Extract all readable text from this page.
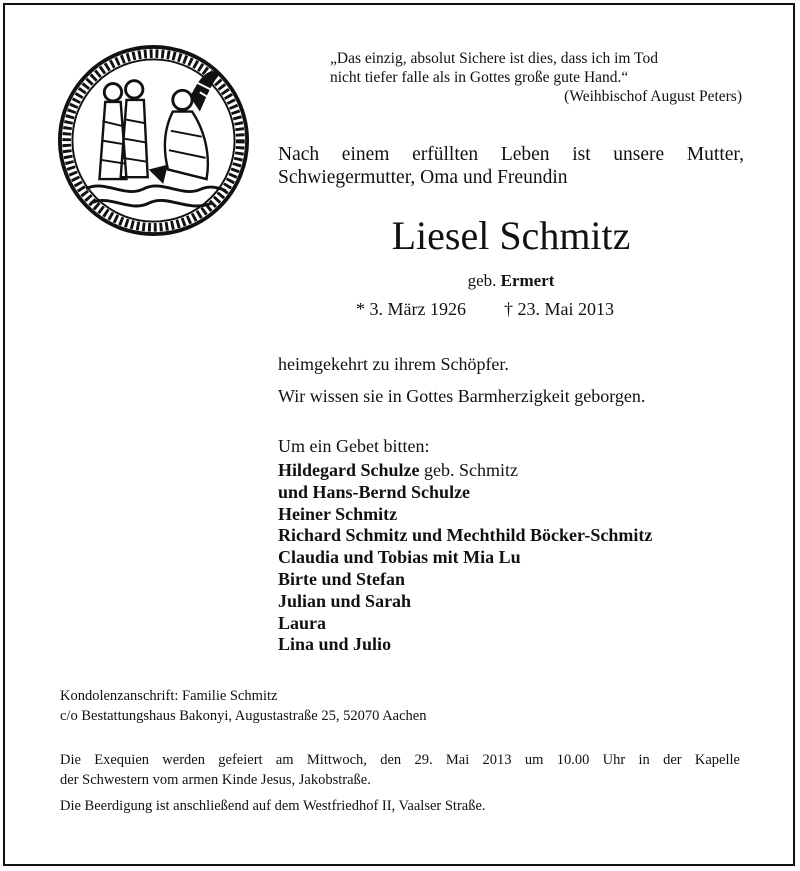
„Das einzig, absolut Sichere ist dies, dass ich im Tod
nicht tiefer falle als in Gottes große gute Hand.“
(Weihbischof August Peters)
Nach einem erfüllten Leben ist unsere Mutter,
Schwiegermutter, Oma und Freundin
Liesel Schmitz
geb. Ermert
* 3. März 1926 † 23. Mai 2013
heimgekehrt zu ihrem Schöpfer.
Wir wissen sie in Gottes Barmherzigkeit geborgen.
Um ein Gebet bitten:
Hildegard Schulze geb. Schmitz
und Hans-Bernd Schulze
Heiner Schmitz
Richard Schmitz und Mechthild Böcker-Schmitz
Claudia und Tobias mit Mia Lu
Birte und Stefan
Julian und Sarah
Laura
Lina und Julio
Kondolenzanschrift: Familie Schmitz
c/o Bestattungshaus Bakonyi, Augustastraße 25, 52070 Aachen
Die Exequien werden gefeiert am Mittwoch, den 29. Mai 2013 um 10.00 Uhr in der Kapelle
der Schwestern vom armen Kinde Jesus, Jakobstraße.
Die Beerdigung ist anschließend auf dem Westfriedhof II, Vaalser Straße.
